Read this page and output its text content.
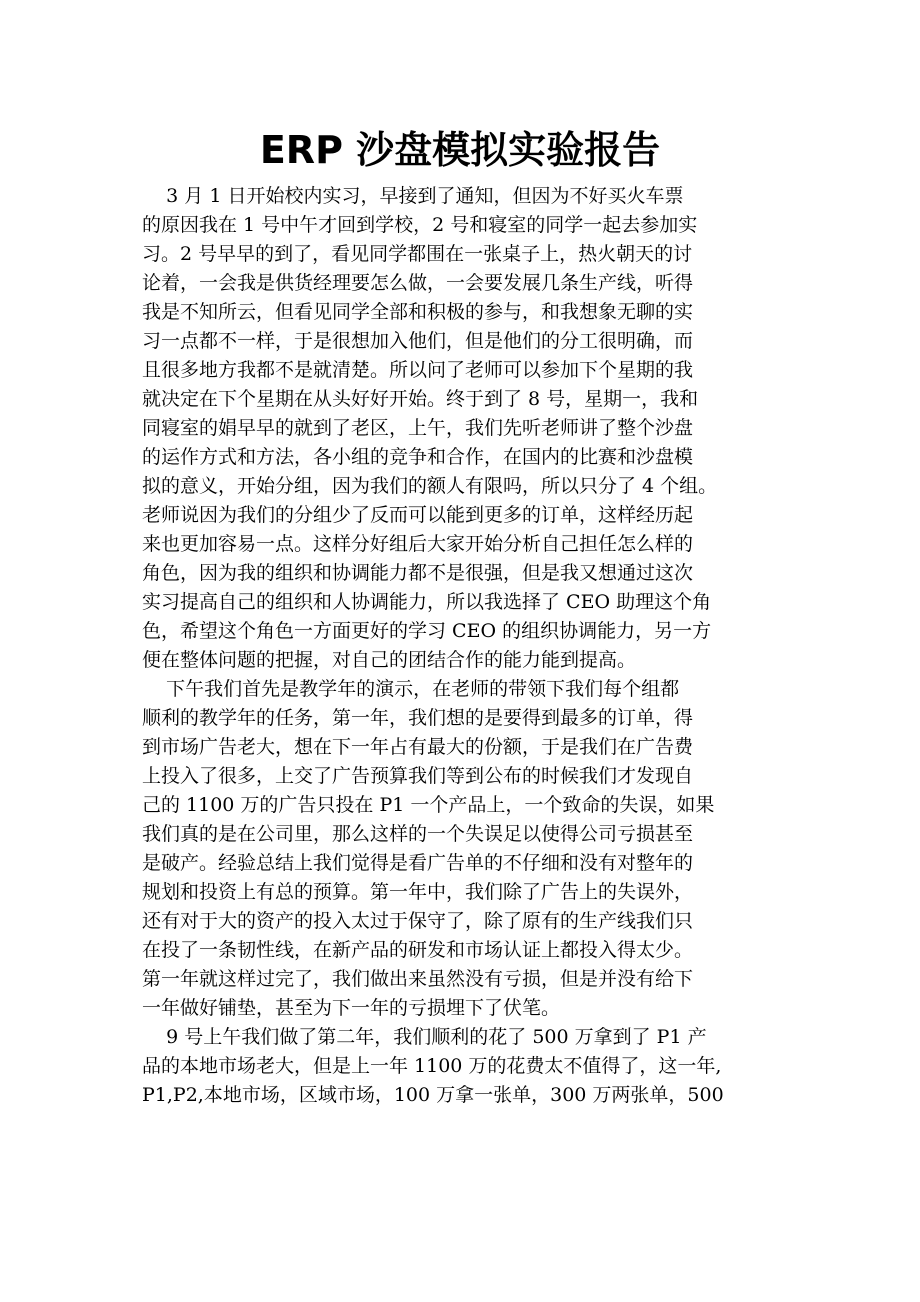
ERP 沙盘模拟实验报告

3 月 1 日开始校内实习，早接到了通知，但因为不好买火车票

的原因我在 1 号中午才回到学校，2 号和寝室的同学一起去参加实

习。2 号早早的到了，看见同学都围在一张桌子上，热火朝天的讨

论着，一会我是供货经理要怎么做，一会要发展几条生产线，听得

我是不知所云，但看见同学全部和积极的参与，和我想象无聊的实

习一点都不一样，于是很想加入他们，但是他们的分工很明确，而

且很多地方我都不是就清楚。所以问了老师可以参加下个星期的我

就决定在下个星期在从头好好开始。终于到了 8 号，星期一，我和

同寝室的娟早早的就到了老区，上午，我们先听老师讲了整个沙盘

的运作方式和方法，各小组的竞争和合作，在国内的比赛和沙盘模

拟的意义，开始分组，因为我们的额人有限吗，所以只分了 4 个组。

老师说因为我们的分组少了反而可以能到更多的订单，这样经历起

来也更加容易一点。这样分好组后大家开始分析自己担任怎么样的

角色，因为我的组织和协调能力都不是很强，但是我又想通过这次

实习提高自己的组织和人协调能力，所以我选择了 CEO 助理这个角

色，希望这个角色一方面更好的学习 CEO 的组织协调能力，另一方

便在整体问题的把握，对自己的团结合作的能力能到提高。

下午我们首先是教学年的演示，在老师的带领下我们每个组都

顺利的教学年的任务，第一年，我们想的是要得到最多的订单，得

到市场广告老大，想在下一年占有最大的份额，于是我们在广告费

上投入了很多，上交了广告预算我们等到公布的时候我们才发现自

己的 1100 万的广告只投在 P1 一个产品上，一个致命的失误，如果

我们真的是在公司里，那么这样的一个失误足以使得公司亏损甚至

是破产。经验总结上我们觉得是看广告单的不仔细和没有对整年的

规划和投资上有总的预算。第一年中，我们除了广告上的失误外，

还有对于大的资产的投入太过于保守了，除了原有的生产线我们只

在投了一条韧性线，在新产品的研发和市场认证上都投入得太少。

第一年就这样过完了，我们做出来虽然没有亏损，但是并没有给下

一年做好铺垫，甚至为下一年的亏损埋下了伏笔。

9 号上午我们做了第二年，我们顺利的花了 500 万拿到了 P1 产

品的本地市场老大，但是上一年 1100 万的花费太不值得了，这一年,

P1,P2,本地市场，区域市场，100 万拿一张单，300 万两张单，500
